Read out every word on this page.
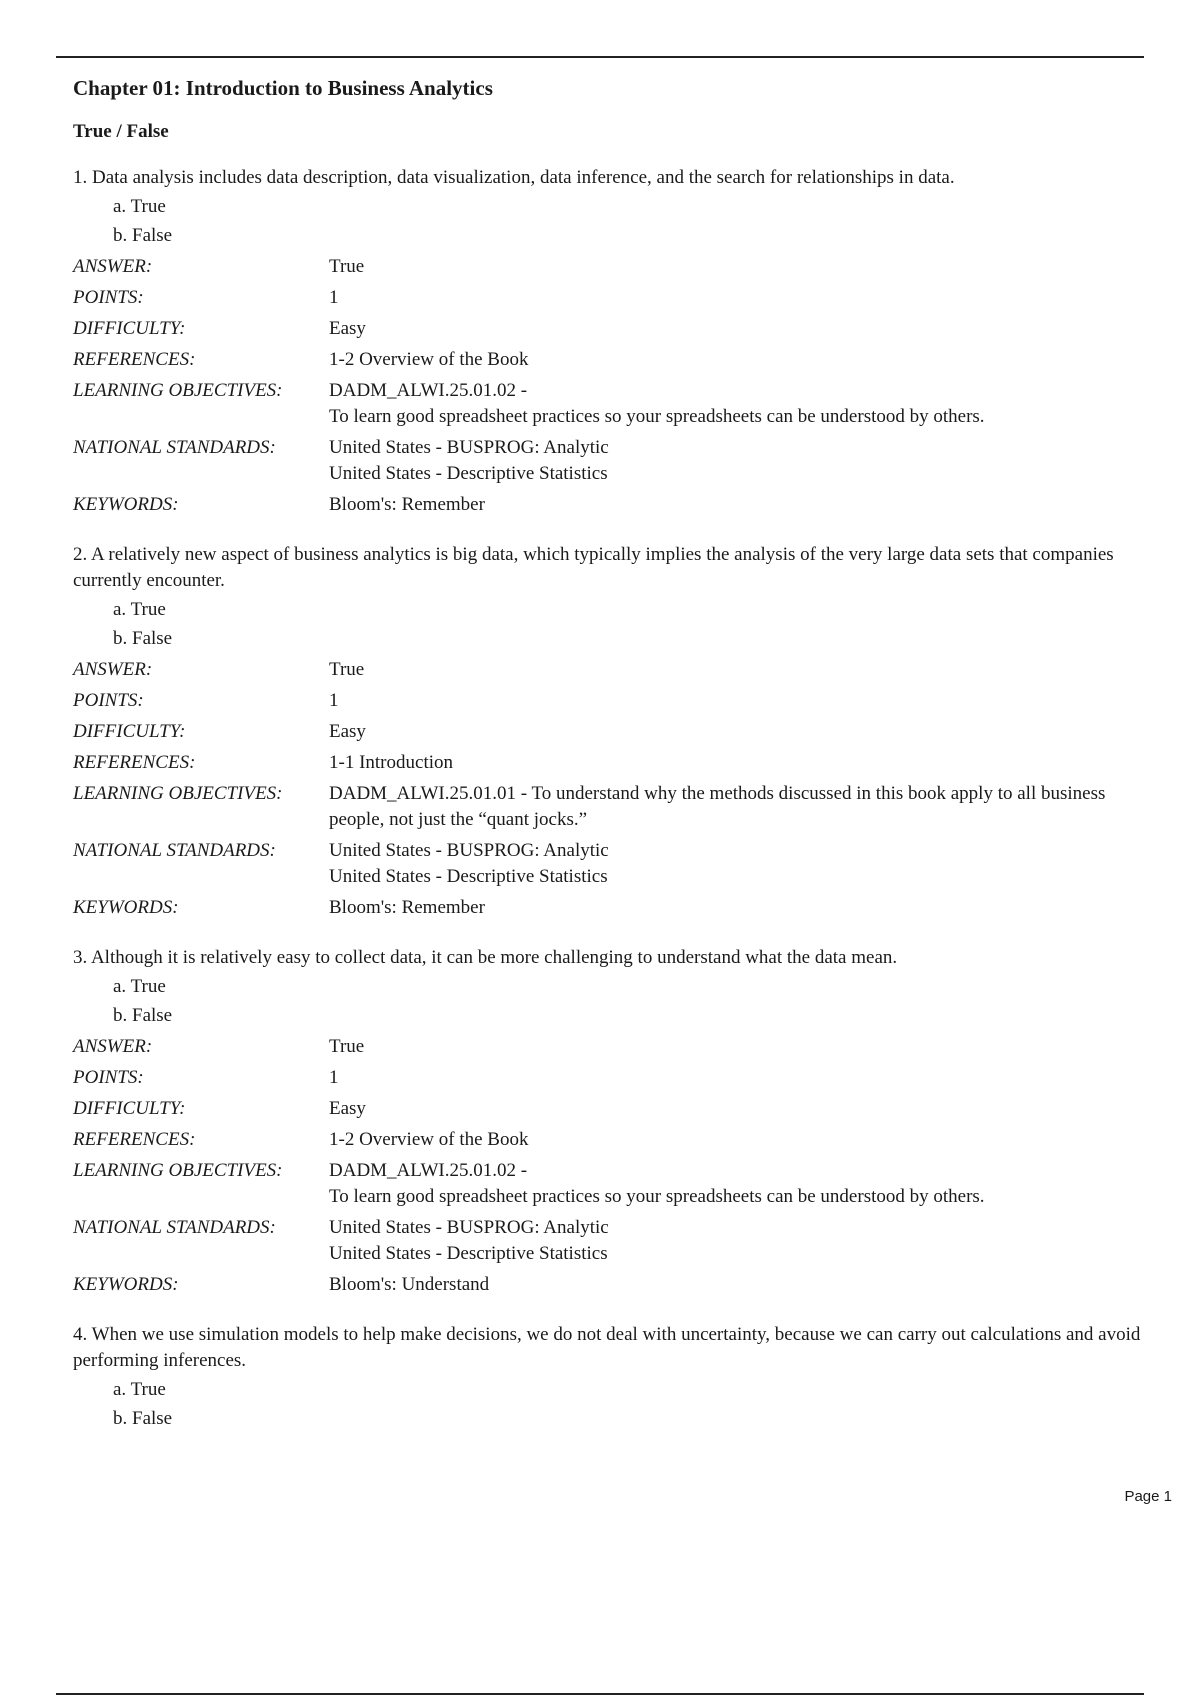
Chapter 01: Introduction to Business Analytics
True / False

1. Data analysis includes data description, data visualization, data inference, and the search for relationships in data.

a. True
b. False
ANSWER:	True
POINTS:	1
DIFFICULTY:	Easy
REFERENCES:	1-2 Overview of the Book
LEARNING OBJECTIVES:	DADM_ALWI.25.01.02 -
To learn good spreadsheet practices so your spreadsheets can be understood by others.
NATIONAL STANDARDS:	United States - BUSPROG: Analytic
United States - Descriptive Statistics
KEYWORDS:	Bloom's: Remember

2. A relatively new aspect of business analytics is big data, which typically implies the analysis of the very large data sets that companies currently encounter.

a. True
b. False
ANSWER:	True
POINTS:	1
DIFFICULTY:	Easy
REFERENCES:	1-1 Introduction
LEARNING OBJECTIVES:	DADM_ALWI.25.01.01 - To understand why the methods discussed in this book apply to all business people, not just the “quant jocks.”
NATIONAL STANDARDS:	United States - BUSPROG: Analytic
United States - Descriptive Statistics
KEYWORDS:	Bloom's: Remember

3. Although it is relatively easy to collect data, it can be more challenging to understand what the data mean.

a. True
b. False
ANSWER:	True
POINTS:	1
DIFFICULTY:	Easy
REFERENCES:	1-2 Overview of the Book
LEARNING OBJECTIVES:	DADM_ALWI.25.01.02 -
To learn good spreadsheet practices so your spreadsheets can be understood by others.
NATIONAL STANDARDS:	United States - BUSPROG: Analytic
United States - Descriptive Statistics
KEYWORDS:	Bloom's: Understand

4. When we use simulation models to help make decisions, we do not deal with uncertainty, because we can carry out calculations and avoid performing inferences.

a. True
b. False
Page 1
